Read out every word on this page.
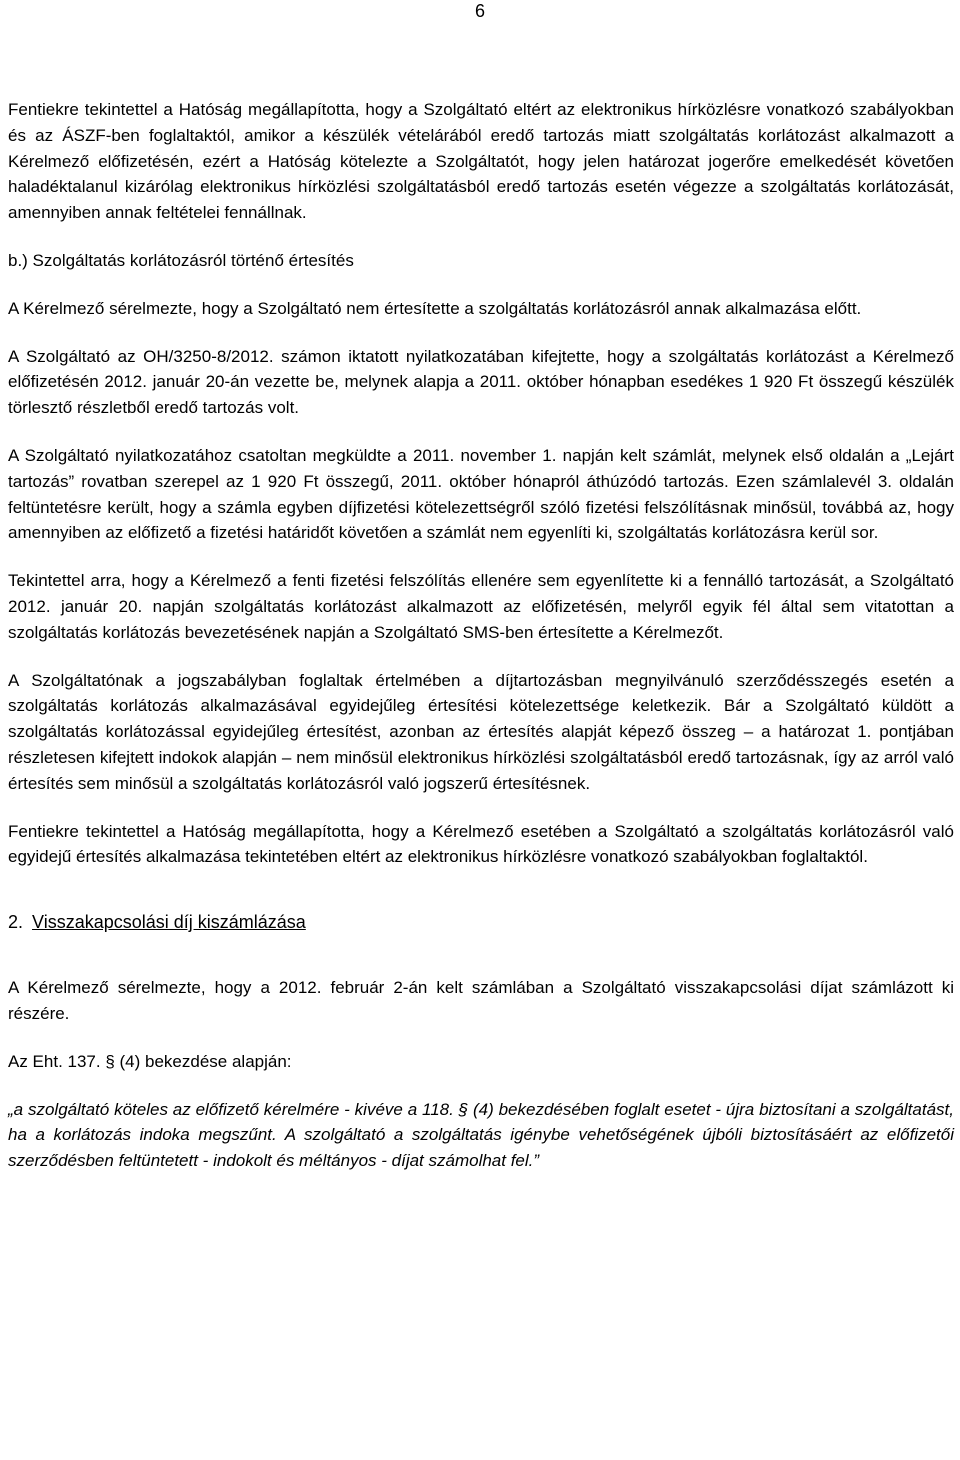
6

Fentiekre tekintettel a Hatóság megállapította, hogy a Szolgáltató eltért az elektronikus hírközlésre vonatkozó szabályokban és az ÁSZF-ben foglaltaktól, amikor a készülék vételárából eredő tartozás miatt szolgáltatás korlátozást alkalmazott a Kérelmező előfizetésén, ezért a Hatóság kötelezte a Szolgáltatót, hogy jelen határozat jogerőre emelkedését követően haladéktalanul kizárólag elektronikus hírközlési szolgáltatásból eredő tartozás esetén végezze a szolgáltatás korlátozását, amennyiben annak feltételei fennállnak.

b.) Szolgáltatás korlátozásról történő értesítés

A Kérelmező sérelmezte, hogy a Szolgáltató nem értesítette a szolgáltatás korlátozásról annak alkalmazása előtt.

A Szolgáltató az OH/3250-8/2012. számon iktatott nyilatkozatában kifejtette, hogy a szolgáltatás korlátozást a Kérelmező előfizetésén 2012. január 20-án vezette be, melynek alapja a 2011. október hónapban esedékes 1 920 Ft összegű készülék törlesztő részletből eredő tartozás volt.

A Szolgáltató nyilatkozatához csatoltan megküldte a 2011. november 1. napján kelt számlát, melynek első oldalán a „Lejárt tartozás” rovatban szerepel az 1 920 Ft összegű, 2011. október hónapról áthúzódó tartozás. Ezen számlalevél 3. oldalán feltüntetésre került, hogy a számla egyben díjfizetési kötelezettségről szóló fizetési felszólításnak minősül, továbbá az, hogy amennyiben az előfizető a fizetési határidőt követően a számlát nem egyenlíti ki, szolgáltatás korlátozásra kerül sor.

Tekintettel arra, hogy a Kérelmező a fenti fizetési felszólítás ellenére sem egyenlítette ki a fennálló tartozását, a Szolgáltató 2012. január 20. napján szolgáltatás korlátozást alkalmazott az előfizetésén, melyről egyik fél által sem vitatottan a szolgáltatás korlátozás bevezetésének napján a Szolgáltató SMS-ben értesítette a Kérelmezőt.

A Szolgáltatónak a jogszabályban foglaltak értelmében a díjtartozásban megnyilvánuló szerződésszegés esetén a szolgáltatás korlátozás alkalmazásával egyidejűleg értesítési kötelezettsége keletkezik. Bár a Szolgáltató küldött a szolgáltatás korlátozással egyidejűleg értesítést, azonban az értesítés alapját képező összeg – a határozat 1. pontjában részletesen kifejtett indokok alapján – nem minősül elektronikus hírközlési szolgáltatásból eredő tartozásnak, így az arról való értesítés sem minősül a szolgáltatás korlátozásról való jogszerű értesítésnek.

Fentiekre tekintettel a Hatóság megállapította, hogy a Kérelmező esetében a Szolgáltató a szolgáltatás korlátozásról való egyidejű értesítés alkalmazása tekintetében eltért az elektronikus hírközlésre vonatkozó szabályokban foglaltaktól.

2. Visszakapcsolási díj kiszámlázása

A Kérelmező sérelmezte, hogy a 2012. február 2-án kelt számlában a Szolgáltató visszakapcsolási díjat számlázott ki részére.

Az Eht. 137. § (4) bekezdése alapján:

„a szolgáltató köteles az előfizető kérelmére - kivéve a 118. § (4) bekezdésében foglalt esetet - újra biztosítani a szolgáltatást, ha a korlátozás indoka megszűnt. A szolgáltató a szolgáltatás igénybe vehetőségének újbóli biztosításáért az előfizetői szerződésben feltüntetett - indokolt és méltányos - díjat számolhat fel.”
